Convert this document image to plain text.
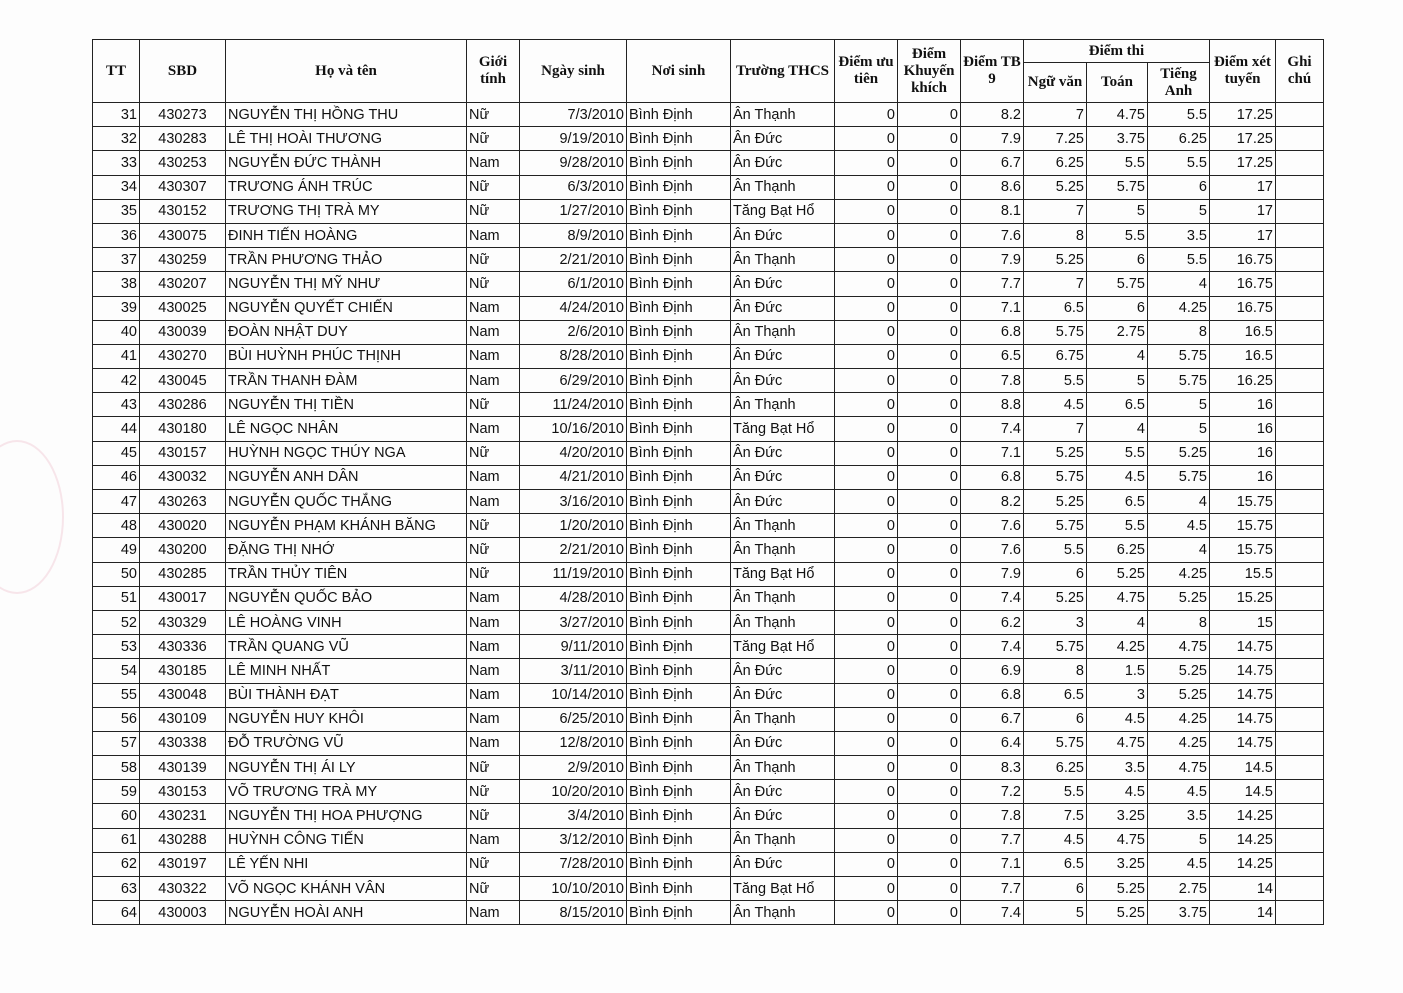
TT	SBD	Họ và tên	Giới tính	Ngày sinh	Nơi sinh	Trường THCS	Điểm ưu tiên	Điểm Khuyến khích	Điểm TB 9	Điểm thi			Điểm xét tuyển	Ghi chú
										Ngữ văn	Toán	Tiếng Anh		
31	430273	NGUYỄN THỊ HỒNG THU	Nữ	7/3/2010	Bình Định	Ân Thạnh	0	0	8.2	7	4.75	5.5	17.25	
32	430283	LÊ THỊ HOÀI THƯƠNG	Nữ	9/19/2010	Bình Định	Ân Đức	0	0	7.9	7.25	3.75	6.25	17.25	
33	430253	NGUYỄN ĐỨC THÀNH	Nam	9/28/2010	Bình Định	Ân Đức	0	0	6.7	6.25	5.5	5.5	17.25	
34	430307	TRƯƠNG ÁNH TRÚC	Nữ	6/3/2010	Bình Định	Ân Thạnh	0	0	8.6	5.25	5.75	6	17	
35	430152	TRƯƠNG THỊ TRÀ MY	Nữ	1/27/2010	Bình Định	Tăng Bạt Hổ	0	0	8.1	7	5	5	17	
36	430075	ĐINH TIẾN HOÀNG	Nam	8/9/2010	Bình Định	Ân Đức	0	0	7.6	8	5.5	3.5	17	
37	430259	TRẦN PHƯƠNG THẢO	Nữ	2/21/2010	Bình Định	Ân Thạnh	0	0	7.9	5.25	6	5.5	16.75	
38	430207	NGUYỄN THỊ MỸ NHƯ	Nữ	6/1/2010	Bình Định	Ân Đức	0	0	7.7	7	5.75	4	16.75	
39	430025	NGUYỄN QUYẾT CHIẾN	Nam	4/24/2010	Bình Định	Ân Đức	0	0	7.1	6.5	6	4.25	16.75	
40	430039	ĐOÀN NHẬT DUY	Nam	2/6/2010	Bình Định	Ân Thạnh	0	0	6.8	5.75	2.75	8	16.5	
41	430270	BÙI HUỲNH PHÚC THỊNH	Nam	8/28/2010	Bình Định	Ân Đức	0	0	6.5	6.75	4	5.75	16.5	
42	430045	TRẦN THANH ĐÀM	Nam	6/29/2010	Bình Định	Ân Đức	0	0	7.8	5.5	5	5.75	16.25	
43	430286	NGUYỄN THỊ TIỀN	Nữ	11/24/2010	Bình Định	Ân Thạnh	0	0	8.8	4.5	6.5	5	16	
44	430180	LÊ NGỌC NHÂN	Nam	10/16/2010	Bình Định	Tăng Bạt Hổ	0	0	7.4	7	4	5	16	
45	430157	HUỲNH NGỌC THÚY NGA	Nữ	4/20/2010	Bình Định	Ân Đức	0	0	7.1	5.25	5.5	5.25	16	
46	430032	NGUYỄN ANH DÂN	Nam	4/21/2010	Bình Định	Ân Đức	0	0	6.8	5.75	4.5	5.75	16	
47	430263	NGUYỄN QUỐC THẮNG	Nam	3/16/2010	Bình Định	Ân Đức	0	0	8.2	5.25	6.5	4	15.75	
48	430020	NGUYỄN PHẠM KHÁNH BĂNG	Nữ	1/20/2010	Bình Định	Ân Thạnh	0	0	7.6	5.75	5.5	4.5	15.75	
49	430200	ĐẶNG THỊ NHỚ	Nữ	2/21/2010	Bình Định	Ân Thạnh	0	0	7.6	5.5	6.25	4	15.75	
50	430285	TRẦN THỦY TIÊN	Nữ	11/19/2010	Bình Định	Tăng Bạt Hổ	0	0	7.9	6	5.25	4.25	15.5	
51	430017	NGUYỄN QUỐC BẢO	Nam	4/28/2010	Bình Định	Ân Thạnh	0	0	7.4	5.25	4.75	5.25	15.25	
52	430329	LÊ HOÀNG VINH	Nam	3/27/2010	Bình Định	Ân Thạnh	0	0	6.2	3	4	8	15	
53	430336	TRẦN QUANG VŨ	Nam	9/11/2010	Bình Định	Tăng Bạt Hổ	0	0	7.4	5.75	4.25	4.75	14.75	
54	430185	LÊ MINH NHẤT	Nam	3/11/2010	Bình Định	Ân Đức	0	0	6.9	8	1.5	5.25	14.75	
55	430048	BÙI THÀNH ĐẠT	Nam	10/14/2010	Bình Định	Ân Đức	0	0	6.8	6.5	3	5.25	14.75	
56	430109	NGUYỄN HUY KHÔI	Nam	6/25/2010	Bình Định	Ân Thạnh	0	0	6.7	6	4.5	4.25	14.75	
57	430338	ĐỖ TRƯỜNG VŨ	Nam	12/8/2010	Bình Định	Ân Đức	0	0	6.4	5.75	4.75	4.25	14.75	
58	430139	NGUYỄN THỊ ÁI LY	Nữ	2/9/2010	Bình Định	Ân Thạnh	0	0	8.3	6.25	3.5	4.75	14.5	
59	430153	VÕ TRƯƠNG TRÀ MY	Nữ	10/20/2010	Bình Định	Ân Đức	0	0	7.2	5.5	4.5	4.5	14.5	
60	430231	NGUYỄN THỊ HOA PHƯỢNG	Nữ	3/4/2010	Bình Định	Ân Đức	0	0	7.8	7.5	3.25	3.5	14.25	
61	430288	HUỲNH CÔNG TIẾN	Nam	3/12/2010	Bình Định	Ân Thạnh	0	0	7.7	4.5	4.75	5	14.25	
62	430197	LÊ YẾN NHI	Nữ	7/28/2010	Bình Định	Ân Đức	0	0	7.1	6.5	3.25	4.5	14.25	
63	430322	VÕ NGỌC KHÁNH VÂN	Nữ	10/10/2010	Bình Định	Tăng Bạt Hổ	0	0	7.7	6	5.25	2.75	14	
64	430003	NGUYỄN HOÀI ANH	Nam	8/15/2010	Bình Định	Ân Thạnh	0	0	7.4	5	5.25	3.75	14	
